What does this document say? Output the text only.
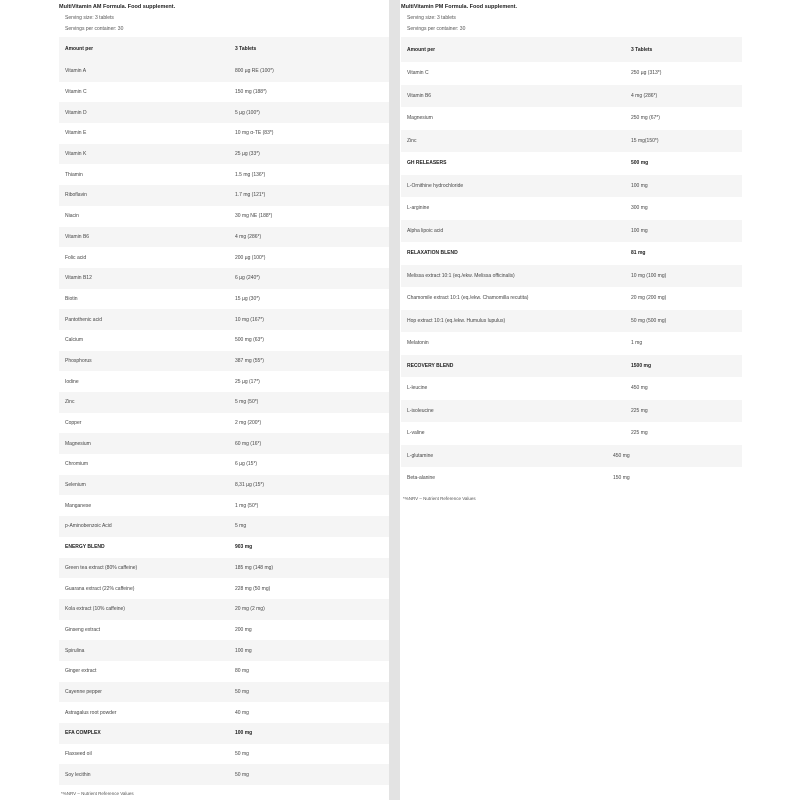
MultiVitamin AM Formula. Food supplement.
Serving size: 3 tablets
Servings per container: 30
Amount per	3 Tablets
Vitamin A	800 µg RE (100*)
Vitamin C	150 mg (188*)
Vitamin D	5 µg (100*)
Vitamin E	10 mg α-TE (83*)
Vitamin K	25 µg (33*)
Thiamin	1.5 mg (136*)
Riboflavin	1.7 mg (121*)
Niacin	30 mg NE (188*)
Vitamin B6	4 mg (286*)
Folic acid	200 µg (100*)
Vitamin B12	6 µg (240*)
Biotin	15 µg (30*)
Pantothenic acid	10 mg (167*)
Calcium	500 mg (63*)
Phosphorus	387 mg (55*)
Iodine	25 µg (17*)
Zinc	5 mg (50*)
Copper	2 mg (200*)
Magnesium	60 mg (16*)
Chromium	6 µg (15*)
Selenium	8,31 µg (15*)
Manganese	1 mg (50*)
p-Aminobenzoic Acid	5 mg
ENERGY BLEND	903 mg
Green tea extract (80% caffeine)	185 mg (148 mg)
Guarana extract (22% caffeine)	228 mg (50 mg)
Kola extract (10% caffeine)	20 mg (2 mg)
Ginseng extract	200 mg
Spirulina	100 mg
Ginger extract	80 mg
Cayenne pepper	50 mg
Astragalus root powder	40 mg
EFA COMPLEX	100 mg
Flaxseed oil	50 mg
Soy lecithin	50 mg
*%NRV – Nutrient Reference Values
MultiVitamin PM Formula. Food supplement.
Serving size: 3 tablets
Servings per container: 30
Amount per	3 Tablets
Vitamin C	250 µg (313*)
Vitamin B6	4 mg (286*)
Magnesium	250 mg (67*)
Zinc	15 mg(150*)
GH RELEASERS	500 mg
L-Ornithine hydrochloride	100 mg
L-arginine	300 mg
Alpha lipoic acid	100 mg
RELAXATION BLEND	81 mg
Melissa extract 10:1 (eq./ekw. Melissa officinalis)	10 mg (100 mg)
Chamomile extract 10:1 (eq./ekw. Chamomilla recutita)	20 mg (200 mg)
Hop extract 10:1 (eq./ekw. Humulus lupulus)	50 mg (500 mg)
Melatonin	1 mg
RECOVERY BLEND	1500 mg
L-leucine	450 mg
L-isoleucine	225 mg
L-valine	225 mg
L-glutamine	450 mg
Beta-alanine	150 mg
*%NRV – Nutrient Reference Values
